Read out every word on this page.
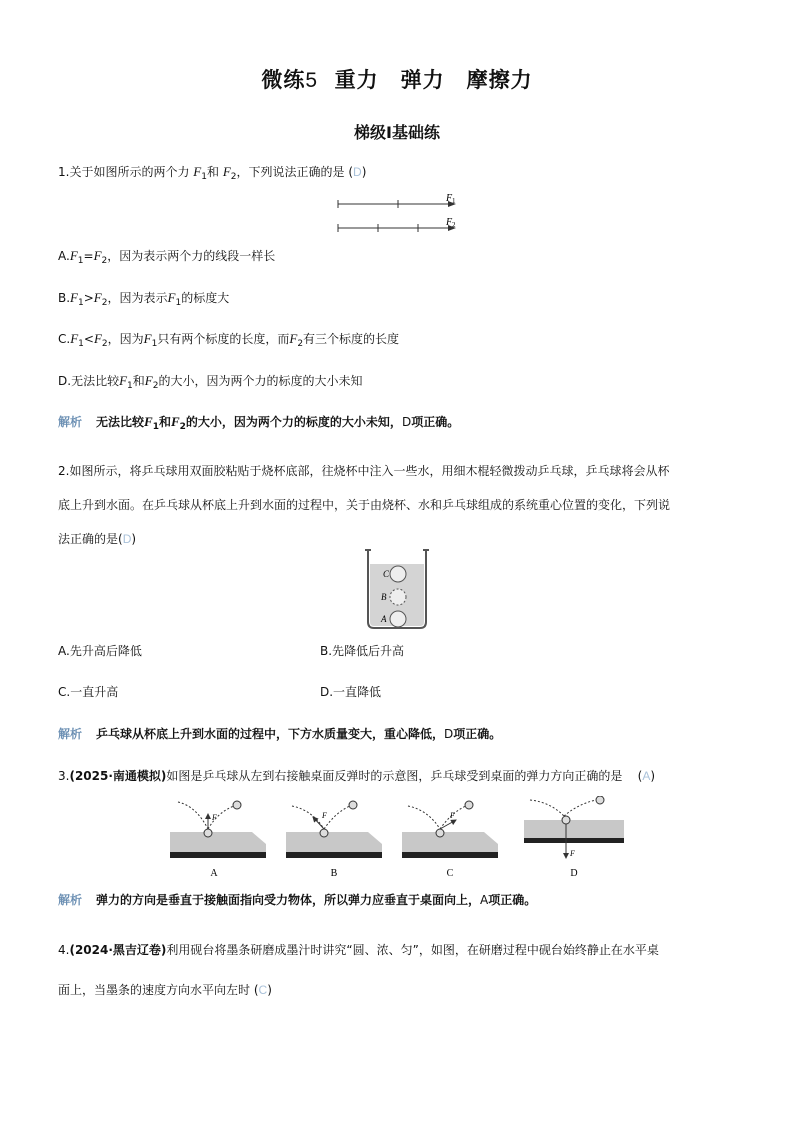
微练5 重力　弹力　摩擦力
梯级Ⅰ基础练
1.关于如图所示的两个力 $F_1$和 $F_2$，下列说法正确的是 (D)
F 1
F 2
$A.F_1=F_2$，因为表示两个力的线段一样长
$B.F_1>F_2$，因为表示$F_1$的标度大
$C.F_1<F_2$，因为$F_1$只有两个标度的长度，而$F_2$有三个标度的长度
D.无法比较$F_1$和$F_2$的大小，因为两个力的标度的大小未知
解析 无法比较$F_1$和$F_2$的大小，因为两个力的标度的大小未知，D项正确。
2.如图所示，将乒乓球用双面胶粘贴于烧杯底部，往烧杯中注入一些水，用细木棍轻微拨动乒乓球，乒乓球将会从杯
底上升到水面。在乒乓球从杯底上升到水面的过程中，关于由烧杯、水和乒乓球组成的系统重心位置的变化，下列说
法正确的是(D)
C
B
A
A.先升高后降低	B.先降低后升高
C.一直升高	D.一直降低
解析 乒乓球从杯底上升到水面的过程中，下方水质量变大，重心降低，D项正确。
3.(2025·南通模拟)如图是乒乓球从左到右接触桌面反弹时的示意图，乒乓球受到桌面的弹力方向正确的是    (A)
F
A
F
B
F
C
F
D
解析 弹力的方向是垂直于接触面指向受力物体，所以弹力应垂直于桌面向上，A项正确。
4.(2024·黑吉辽卷)利用砚台将墨条研磨成墨汁时讲究“圆、浓、匀”，如图，在研磨过程中砚台始终静止在水平桌
面上，当墨条的速度方向水平向左时 (C)
